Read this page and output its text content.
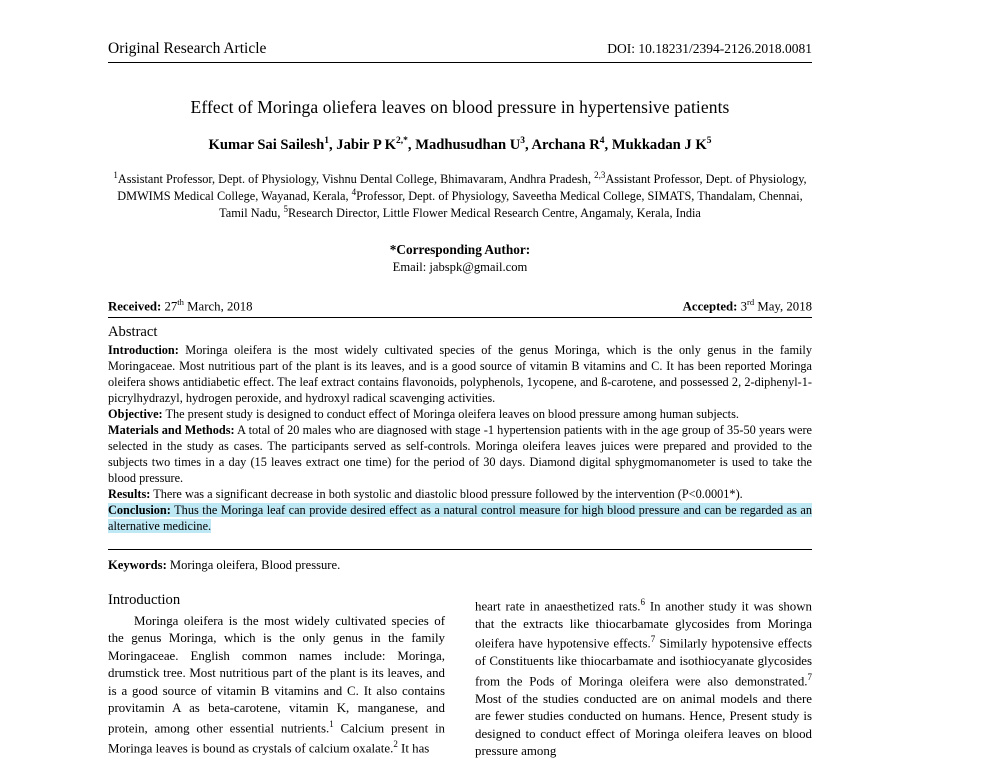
Original Research Article	DOI: 10.18231/2394-2126.2018.0081
Effect of Moringa oliefera leaves on blood pressure in hypertensive patients
Kumar Sai Sailesh$^1$, Jabir P $K^{2,*}$, Madhusudhan $U^3$, Archana $R^4$, Mukkadan J $K^5$
$^1$Assistant Professor, Dept. of Physiology, Vishnu Dental College, Bhimavaram, Andhra Pradesh, $^{2,3}$Assistant Professor, Dept. of Physiology, DMWIMS Medical College, Wayanad, Kerala, $^4$Professor, Dept. of Physiology, Saveetha Medical College, SIMATS, Thandalam, Chennai, Tamil Nadu, $^5$Research Director, Little Flower Medical Research Centre, Angamaly, Kerala, India
*Corresponding Author:
Email: jabspk@gmail.com
Received: 27th March, 2018	Accepted: 3rd May, 2018
Abstract
Introduction: Moringa oleifera is the most widely cultivated species of the genus Moringa, which is the only genus in the family Moringaceae. Most nutritious part of the plant is its leaves, and is a good source of vitamin B vitamins and C. It has been reported Moringa oleifera shows antidiabetic effect. The leaf extract contains flavonoids, polyphenols, 1ycopene, and ß-carotene, and possessed 2, 2-diphenyl-1-picrylhydrazyl, hydrogen peroxide, and hydroxyl radical scavenging activities.
Objective: The present study is designed to conduct effect of Moringa oleifera leaves on blood pressure among human subjects.
Materials and Methods: A total of 20 males who are diagnosed with stage -1 hypertension patients with in the age group of 35-50 years were selected in the study as cases. The participants served as self-controls. Moringa oleifera leaves juices were prepared and provided to the subjects two times in a day (15 leaves extract one time) for the period of 30 days. Diamond digital sphygmomanometer is used to take the blood pressure.
Results: There was a significant decrease in both systolic and diastolic blood pressure followed by the intervention (P<0.0001*).
Conclusion: Thus the Moringa leaf can provide desired effect as a natural control measure for high blood pressure and can be regarded as an alternative medicine.
Keywords: Moringa oleifera, Blood pressure.
Introduction

Moringa oleifera is the most widely cultivated species of the genus Moringa, which is the only genus in the family Moringaceae. English common names include: Moringa, drumstick tree. Most nutritious part of the plant is its leaves, and is a good source of vitamin B vitamins and C. It also contains provitamin A as beta-carotene, vitamin K, manganese, and protein, among other essential nutrients.$^1$ Calcium present in Moringa leaves is bound as crystals of calcium oxalate.$^2$ It has

heart rate in anaesthetized rats.$^6$ In another study it was shown that the extracts like thiocarbamate glycosides from Moringa oleifera have hypotensive effects.$^7$ Similarly hypotensive effects of Constituents like thiocarbamate and isothiocyanate glycosides from the Pods of Moringa oleifera were also demonstrated.$^7$ Most of the studies conducted are on animal models and there are fewer studies conducted on humans. Hence, Present study is designed to conduct effect of Moringa oleifera leaves on blood pressure among
